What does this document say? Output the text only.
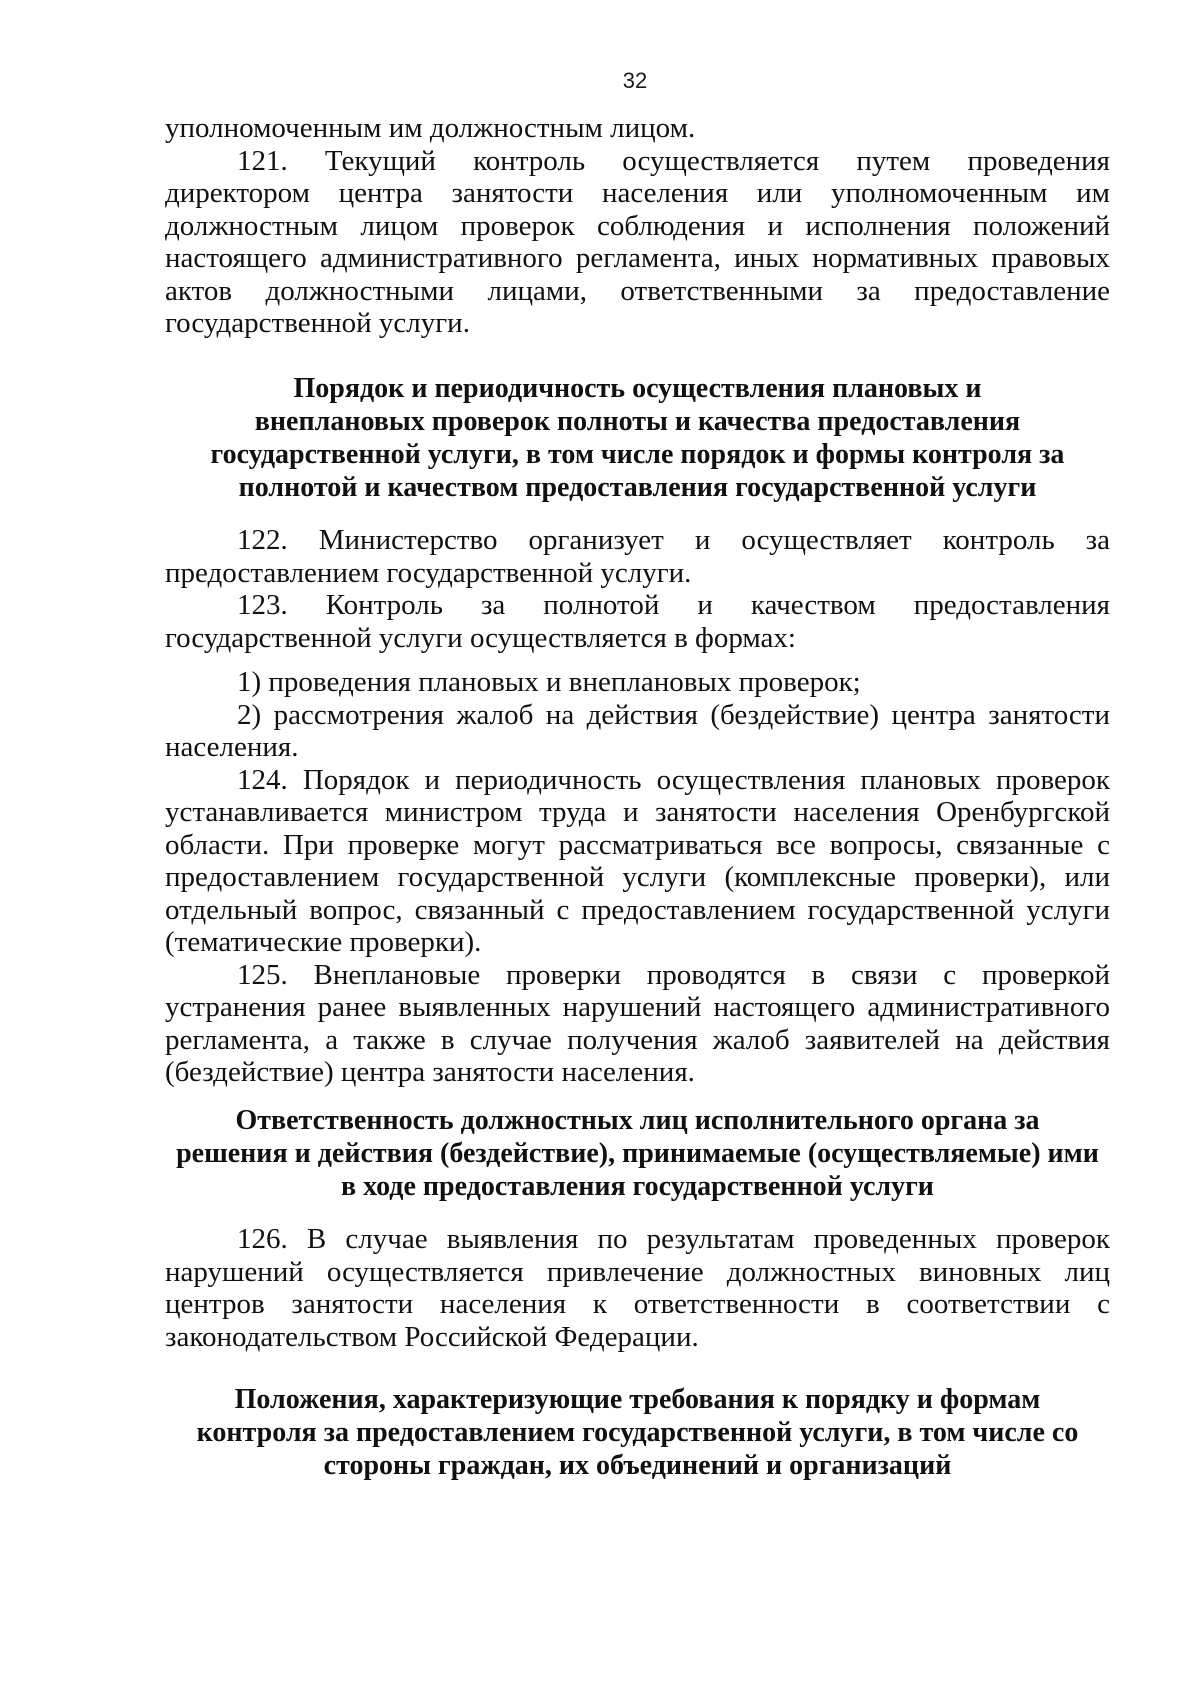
32

уполномоченным им должностным лицом.

121. Текущий контроль осуществляется путем проведения директором центра занятости населения или уполномоченным им должностным лицом проверок соблюдения и исполнения положений настоящего административного регламента, иных нормативных правовых актов должностными лицами, ответственными за предоставление государственной услуги.

Порядок и периодичность осуществления плановых и
внеплановых проверок полноты и качества предоставления
государственной услуги, в том числе порядок и формы контроля за
полнотой и качеством предоставления государственной услуги

122. Министерство организует и осуществляет контроль за предоставлением государственной услуги.

123. Контроль за полнотой и качеством предоставления государственной услуги осуществляется в формах:

1) проведения плановых и внеплановых проверок;

2) рассмотрения жалоб на действия (бездействие) центра занятости населения.

124. Порядок и периодичность осуществления плановых проверок устанавливается министром труда и занятости населения Оренбургской области. При проверке могут рассматриваться все вопросы, связанные с предоставлением государственной услуги (комплексные проверки), или отдельный вопрос, связанный с предоставлением государственной услуги (тематические проверки).

125. Внеплановые проверки проводятся в связи с проверкой устранения ранее выявленных нарушений настоящего административного регламента, а также в случае получения жалоб заявителей на действия (бездействие) центра занятости населения.

Ответственность должностных лиц исполнительного органа за
решения и действия (бездействие), принимаемые (осуществляемые) ими
в ходе предоставления государственной услуги

126. В случае выявления по результатам проведенных проверок нарушений осуществляется привлечение должностных виновных лиц центров занятости населения к ответственности в соответствии с законодательством Российской Федерации.

Положения, характеризующие требования к порядку и формам
контроля за предоставлением государственной услуги, в том числе со
стороны граждан, их объединений и организаций
